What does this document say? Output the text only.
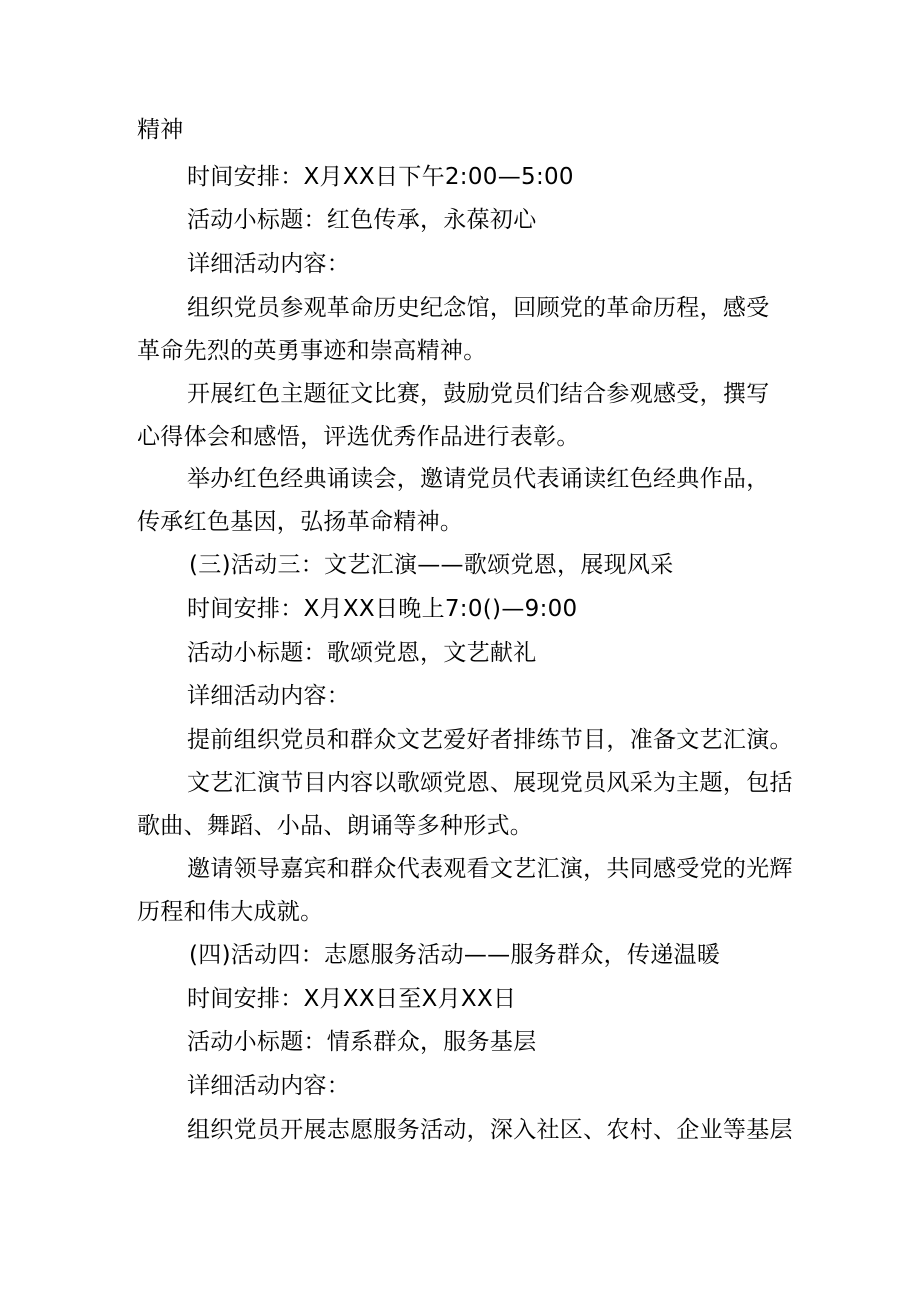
精神
时间安排：X月XX日下午2:00—5:00
活动小标题：红色传承，永葆初心
详细活动内容：
组织党员参观革命历史纪念馆，回顾党的革命历程，感受
革命先烈的英勇事迹和崇高精神。
开展红色主题征文比赛，鼓励党员们结合参观感受，撰写
心得体会和感悟，评选优秀作品进行表彰。
举办红色经典诵读会，邀请党员代表诵读红色经典作品，
传承红色基因，弘扬革命精神。
(三)活动三：文艺汇演——歌颂党恩，展现风采
时间安排：X月XX日晚上7:0()—9:00
活动小标题：歌颂党恩，文艺献礼
详细活动内容：
提前组织党员和群众文艺爱好者排练节目，准备文艺汇演。
文艺汇演节目内容以歌颂党恩、展现党员风采为主题，包括
歌曲、舞蹈、小品、朗诵等多种形式。
邀请领导嘉宾和群众代表观看文艺汇演，共同感受党的光辉
历程和伟大成就。
(四)活动四：志愿服务活动——服务群众，传递温暖
时间安排：X月XX日至X月XX日
活动小标题：情系群众，服务基层
详细活动内容：
组织党员开展志愿服务活动，深入社区、农村、企业等基层
